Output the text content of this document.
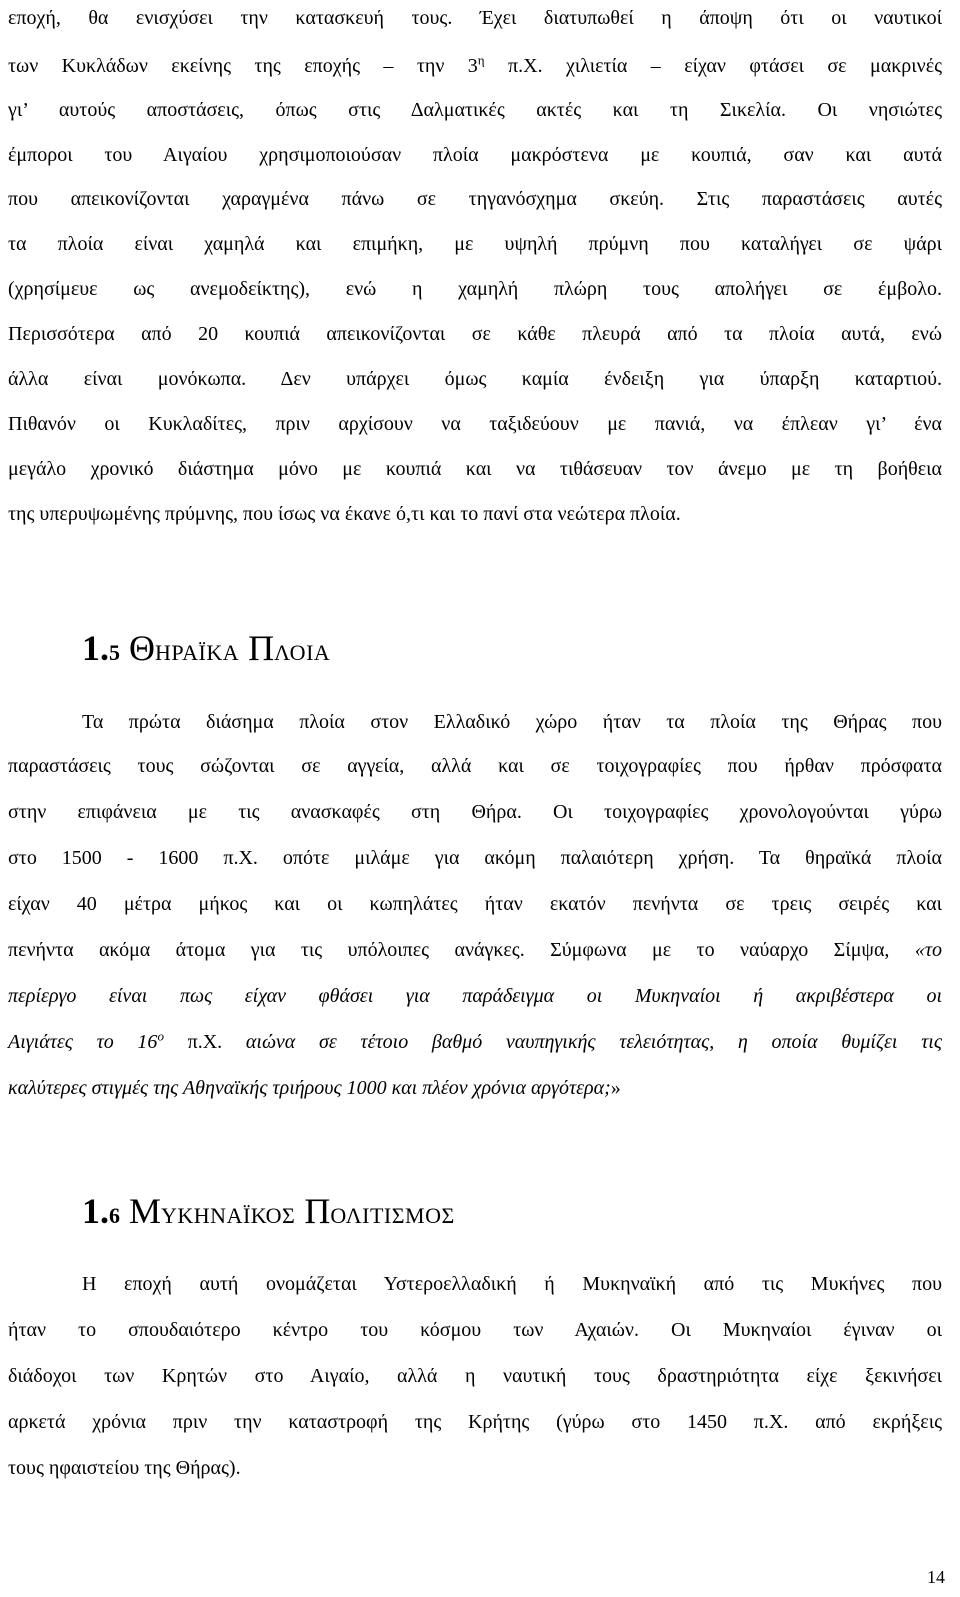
εποχή, θα ενισχύσει την κατασκευή τους. Έχει διατυπωθεί η άποψη ότι οι ναυτικοί
των Κυκλάδων εκείνης της εποχής – την $3^\eta$ π.Χ. χιλιετία – είχαν φτάσει σε μακρινές
γι’ αυτούς αποστάσεις, όπως στις Δαλματικές ακτές και τη Σικελία. Οι νησιώτες
έμποροι του Αιγαίου χρησιμοποιούσαν πλοία μακρόστενα με κουπιά, σαν και αυτά
που απεικονίζονται χαραγμένα πάνω σε τηγανόσχημα σκεύη. Στις παραστάσεις αυτές
τα πλοία είναι χαμηλά και επιμήκη, με υψηλή πρύμνη που καταλήγει σε ψάρι
(χρησίμευε ως ανεμοδείκτης), ενώ η χαμηλή πλώρη τους απολήγει σε έμβολο.
Περισσότερα από 20 κουπιά απεικονίζονται σε κάθε πλευρά από τα πλοία αυτά, ενώ
άλλα είναι μονόκωπα. Δεν υπάρχει όμως καμία ένδειξη για ύπαρξη καταρτιού.
Πιθανόν οι Κυκλαδίτες, πριν αρχίσουν να ταξιδεύουν με πανιά, να έπλεαν γι’ ένα
μεγάλο χρονικό διάστημα μόνο με κουπιά και να τιθάσευαν τον άνεμο με τη βοήθεια
της υπερυψωμένης πρύμνης, που ίσως να έκανε ό,τι και το πανί στα νεώτερα πλοία.
1.5 ΘΗΡΑΪΚΑ ΠΛΟΙΑ
Τα πρώτα διάσημα πλοία στον Ελλαδικό χώρο ήταν τα πλοία της Θήρας που
παραστάσεις τους σώζονται σε αγγεία, αλλά και σε τοιχογραφίες που ήρθαν πρόσφατα
στην επιφάνεια με τις ανασκαφές στη Θήρα. Οι τοιχογραφίες χρονολογούνται γύρω
στο 1500 - 1600 π.Χ. οπότε μιλάμε για ακόμη παλαιότερη χρήση. Τα θηραϊκά πλοία
είχαν 40 μέτρα μήκος και οι κωπηλάτες ήταν εκατόν πενήντα σε τρεις σειρές και
πενήντα ακόμα άτομα για τις υπόλοιπες ανάγκες. Σύμφωνα με το ναύαρχο Σίμψα, «το
περίεργο είναι πως είχαν φθάσει για παράδειγμα οι Μυκηναίοι ή ακριβέστερα οι
Αιγιάτες το $16^o$ π.Χ. αιώνα σε τέτοιο βαθμό ναυπηγικής τελειότητας, η οποία θυμίζει τις
καλύτερες στιγμές της Αθηναϊκής τριήρους 1000 και πλέον χρόνια αργότερα;»
1.6 ΜΥΚΗΝΑΪΚΟΣ ΠΟΛΙΤΙΣΜΟΣ
Η εποχή αυτή ονομάζεται Υστεροελλαδική ή Μυκηναϊκή από τις Μυκήνες που
ήταν το σπουδαιότερο κέντρο του κόσμου των Αχαιών. Οι Μυκηναίοι έγιναν οι
διάδοχοι των Κρητών στο Αιγαίο, αλλά η ναυτική τους δραστηριότητα είχε ξεκινήσει
αρκετά χρόνια πριν την καταστροφή της Κρήτης (γύρω στο 1450 π.Χ. από εκρήξεις
τους ηφαιστείου της Θήρας).
14
